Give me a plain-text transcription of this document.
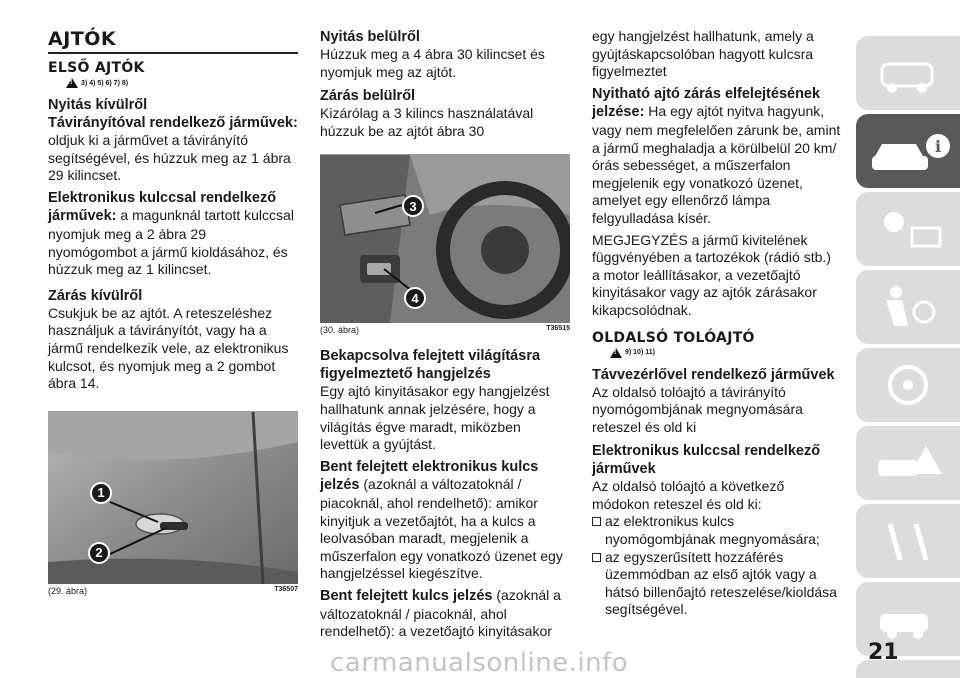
AJTÓK
ELSŐ AJTÓK
!
3) 4) 5) 6) 7) 8)
Nyitás kívülről
Távirányítóval rendelkező járművek:
oldjuk ki a járművet a távirányító segítségével, és húzzuk meg az 1 ábra 29 kilincset.
Elektronikus kulccsal rendelkező járművek: a magunknál tartott kulccsal nyomjuk meg a 2 ábra 29 nyomógombot a jármű kioldásához, és húzzuk meg az 1 kilincset.
Zárás kívülről
Csukjuk be az ajtót. A reteszeléshez használjuk a távirányítót, vagy ha a jármű rendelkezik vele, az elektronikus kulcsot, és nyomjuk meg a 2 gombot ábra 14.
1
2
(29. ábra)	T36507
Nyitás belülről
Húzzuk meg a 4 ábra 30 kilincset és nyomjuk meg az ajtót.
Zárás belülről
Kizárólag a 3 kilincs használatával húzzuk be az ajtót ábra 30
3
4
(30. ábra)	T36515
Bekapcsolva felejtett világításra figyelmeztető hangjelzés
Egy ajtó kinyitásakor egy hangjelzést hallhatunk annak jelzésére, hogy a világítás égve maradt, miközben levettük a gyújtást.
Bent felejtett elektronikus kulcs jelzés (azoknál a változatoknál / piacoknál, ahol rendelhető): amikor kinyitjuk a vezetőajtót, ha a kulcs a leolvasóban maradt, megjelenik a műszerfalon egy vonatkozó üzenet egy hangjelzéssel kiegészítve.
Bent felejtett kulcs jelzés (azoknál a változatoknál / piacoknál, ahol rendelhető): a vezetőajtó kinyitásakor
egy hangjelzést hallhatunk, amely a gyújtáskapcsolóban hagyott kulcsra figyelmeztet
Nyitható ajtó zárás elfelejtésének jelzése: Ha egy ajtót nyitva hagyunk, vagy nem megfelelően zárunk be, amint a jármű meghaladja a körülbelül 20 km/órás sebességet, a műszerfalon megjelenik egy vonatkozó üzenet, amelyet egy ellenőrző lámpa felgyulladása kísér.
MEGJEGYZÉS a jármű kivitelének függvényében a tartozékok (rádió stb.) a motor leállításakor, a vezetőajtó kinyitásakor vagy az ajtók zárásakor kikapcsolódnak.
OLDALSÓ TOLÓAJTÓ
!
9) 10) 11)
Távvezérlővel rendelkező járművek
Az oldalsó tolóajtó a távirányító nyomógombjának megnyomására reteszel és old ki
Elektronikus kulccsal rendelkező járművek
Az oldalsó tolóajtó a következő módokon reteszel és old ki:
az elektronikus kulcs nyomógombjának megnyomására;
az egyszerűsített hozzáférés üzemmódban az első ajtók vagy a hátsó billenőajtó reteszelése/kioldása segítségével.
i
21
carmanualsonline.info
